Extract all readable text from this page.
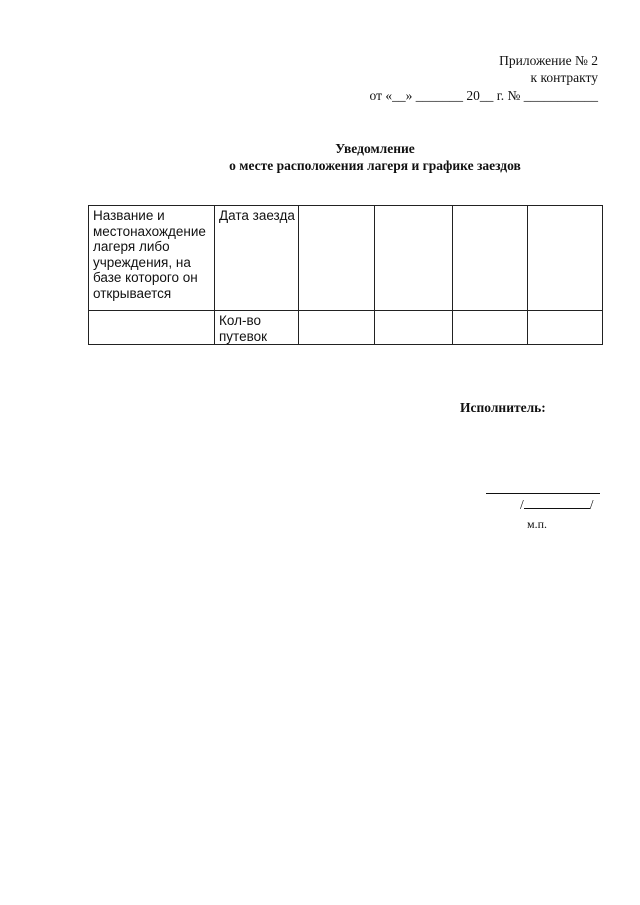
Приложение № 2
к контракту
от «__» _______ 20__ г. № ___________
Уведомление
о месте расположения лагеря и графике заездов
Название и местонахождение лагеря либо учреждения, на базе которого он открывается	Дата заезда				
	Кол-во путевок				
Исполнитель:
/	/
м.п.
